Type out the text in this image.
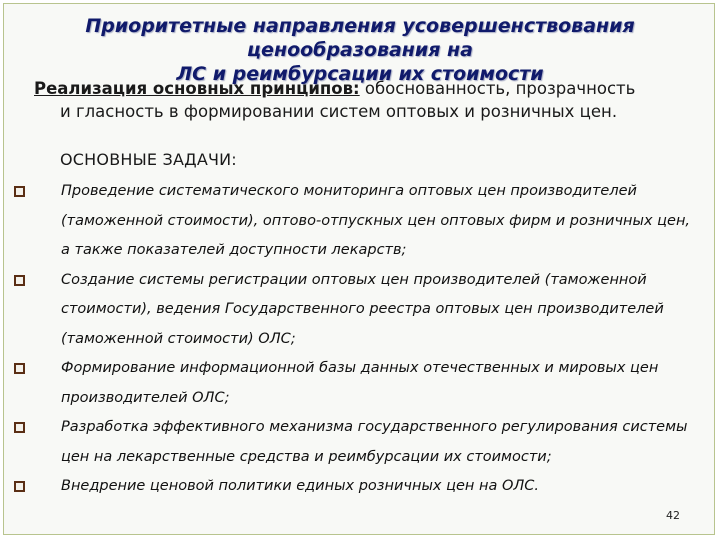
Приоритетные направления усовершенствования ценообразования на
ЛС и реимбурсации их стоимости
Реализация основных принципов: обоснованность, прозрачность
и гласность в формировании систем оптовых и розничных цен.
ОСНОВНЫЕ ЗАДАЧИ:
Проведение систематического мониторинга оптовых цен производителей (таможенной стоимости), оптово-отпускных цен оптовых фирм и розничных цен, а также показателей доступности лекарств;
Создание системы регистрации оптовых цен производителей (таможенной стоимости), ведения Государственного реестра оптовых цен производителей (таможенной стоимости) ОЛС;
Формирование информационной базы данных отечественных и мировых цен производителей ОЛС;
Разработка эффективного механизма государственного регулирования системы цен на лекарственные средства и реимбурсации их стоимости;
Внедрение ценовой политики единых розничных цен на ОЛС.
42
